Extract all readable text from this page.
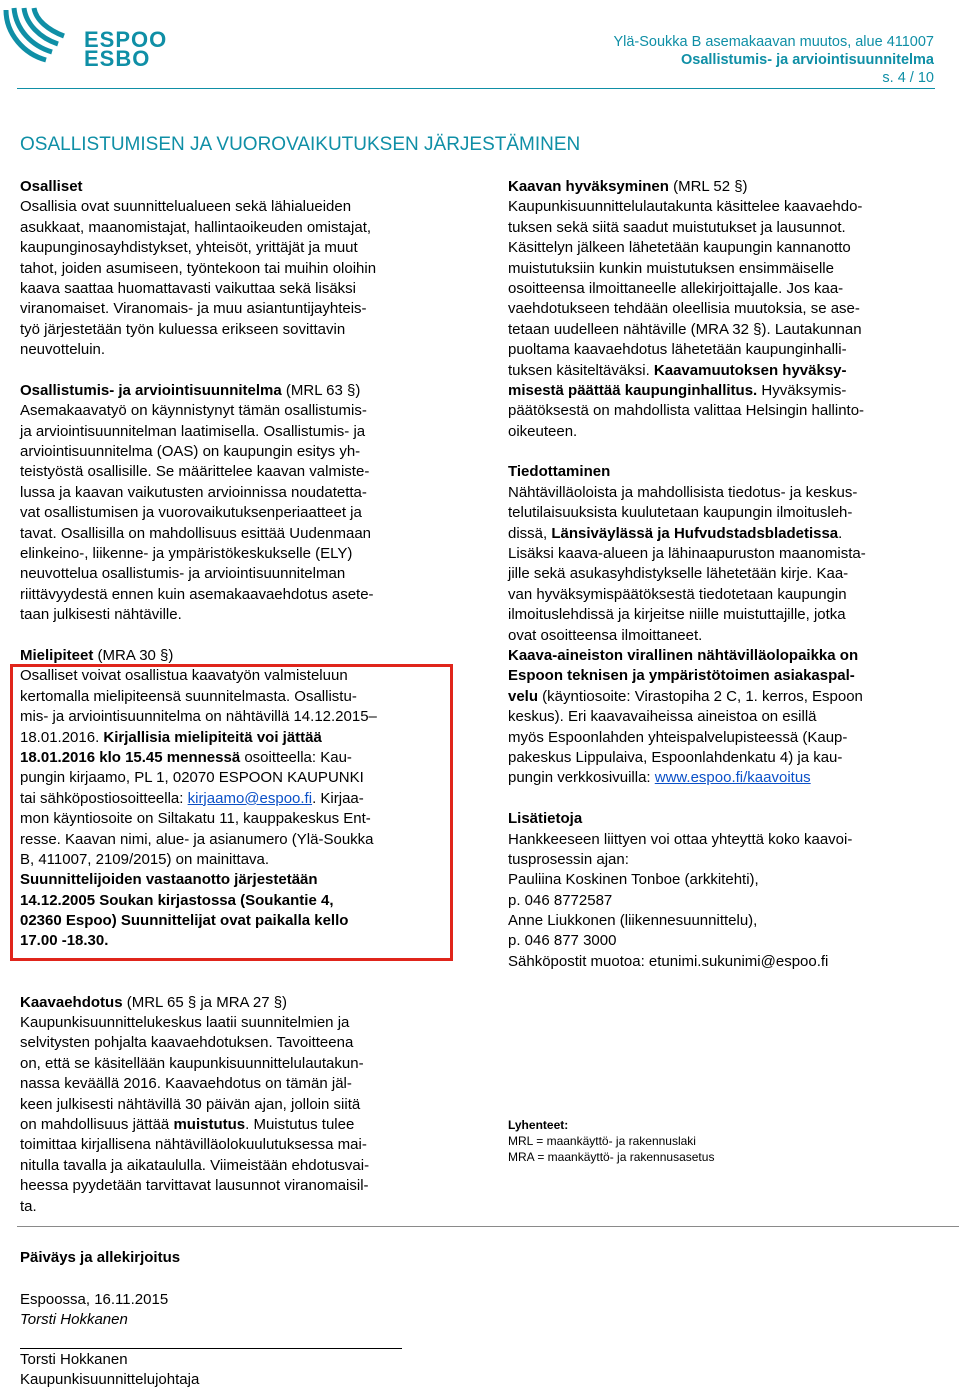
ESPOO
ESBO
Ylä-Soukka B asemakaavan muutos, alue 411007
Osallistumis- ja arviointisuunnitelma
s. 4 / 10
OSALLISTUMISEN JA VUOROVAIKUTUKSEN JÄRJESTÄMINEN
Osalliset
Osallisia ovat suunnittelualueen sekä lähialueiden
asukkaat, maanomistajat, hallintaoikeuden omistajat,
kaupunginosayhdistykset, yhteisöt, yrittäjät ja muut
tahot, joiden asumiseen, työntekoon tai muihin oloihin
kaava saattaa huomattavasti vaikuttaa sekä lisäksi
viranomaiset. Viranomais- ja muu asiantuntijayhteis-
työ järjestetään työn kuluessa erikseen sovittavin
neuvotteluin.
Osallistumis- ja arviointisuunnitelma (MRL 63 §)
Asemakaavatyö on käynnistynyt tämän osallistumis-
ja arviointisuunnitelman laatimisella. Osallistumis- ja
arviointisuunnitelma (OAS) on kaupungin esitys yh-
teistyöstä osallisille. Se määrittelee kaavan valmiste-
lussa ja kaavan vaikutusten arvioinnissa noudatetta-
vat osallistumisen ja vuorovaikutuksenperiaatteet ja
tavat. Osallisilla on mahdollisuus esittää Uudenmaan
elinkeino-, liikenne- ja ympäristökeskukselle (ELY)
neuvottelua osallistumis- ja arviointisuunnitelman
riittävyydestä ennen kuin asemakaavaehdotus asete-
taan julkisesti nähtäville.
Mielipiteet (MRA 30 §)
Osalliset voivat osallistua kaavatyön valmisteluun
kertomalla mielipiteensä suunnitelmasta. Osallistu-
mis- ja arviointisuunnitelma on nähtävillä 14.12.2015–
18.01.2016. Kirjallisia mielipiteitä voi jättää
18.01.2016 klo 15.45 mennessä osoitteella: Kau-
pungin kirjaamo, PL 1, 02070 ESPOON KAUPUNKI
tai sähköpostiosoitteella: kirjaamo@espoo.fi. Kirjaa-
mon käyntiosoite on Siltakatu 11, kauppakeskus Ent-
resse. Kaavan nimi, alue- ja asianumero (Ylä-Soukka
B, 411007, 2109/2015) on mainittava.
Suunnittelijoiden vastaanotto järjestetään
14.12.2005 Soukan kirjastossa (Soukantie 4,
02360 Espoo) Suunnittelijat ovat paikalla kello
17.00 -18.30.
Kaavaehdotus (MRL 65 § ja MRA 27 §)
Kaupunkisuunnittelukeskus laatii suunnitelmien ja
selvitysten pohjalta kaavaehdotuksen. Tavoitteena
on, että se käsitellään kaupunkisuunnittelulautakun-
nassa keväällä 2016. Kaavaehdotus on tämän jäl-
keen julkisesti nähtävillä 30 päivän ajan, jolloin siitä
on mahdollisuus jättää muistutus. Muistutus tulee
toimittaa kirjallisena nähtävilläolokuulutuksessa mai-
nitulla tavalla ja aikataululla. Viimeistään ehdotusvai-
heessa pyydetään tarvittavat lausunnot viranomaisil-
ta.
Kaavan hyväksyminen (MRL 52 §)
Kaupunkisuunnittelulautakunta käsittelee kaavaehdo-
tuksen sekä siitä saadut muistutukset ja lausunnot.
Käsittelyn jälkeen lähetetään kaupungin kannanotto
muistutuksiin kunkin muistutuksen ensimmäiselle
osoitteensa ilmoittaneelle allekirjoittajalle. Jos kaa-
vaehdotukseen tehdään oleellisia muutoksia, se ase-
tetaan uudelleen nähtäville (MRA 32 §). Lautakunnan
puoltama kaavaehdotus lähetetään kaupunginhalli-
tuksen käsiteltäväksi. Kaavamuutoksen hyväksy-
misestä päättää kaupunginhallitus. Hyväksymis-
päätöksestä on mahdollista valittaa Helsingin hallinto-
oikeuteen.
Tiedottaminen
Nähtävilläoloista ja mahdollisista tiedotus- ja keskus-
telutilaisuuksista kuulutetaan kaupungin ilmoitusleh-
dissä, Länsiväylässä ja Hufvudstadsbladetissa.
Lisäksi kaava-alueen ja lähinaapuruston maanomista-
jille sekä asukasyhdistykselle lähetetään kirje. Kaa-
van hyväksymispäätöksestä tiedotetaan kaupungin
ilmoituslehdissä ja kirjeitse niille muistuttajille, jotka
ovat osoitteensa ilmoittaneet.
Kaava-aineiston virallinen nähtävilläolopaikka on
Espoon teknisen ja ympäristötoimen asiakaspal-
velu (käyntiosoite: Virastopiha 2 C, 1. kerros, Espoon
keskus). Eri kaavavaiheissa aineistoa on esillä
myös Espoonlahden yhteispalvelupisteessä (Kaup-
pakeskus Lippulaiva, Espoonlahdenkatu 4) ja kau-
pungin verkkosivuilla: www.espoo.fi/kaavoitus
Lisätietoja
Hankkeeseen liittyen voi ottaa yhteyttä koko kaavoi-
tusprosessin ajan:
Pauliina Koskinen Tonboe (arkkitehti),
p. 046 8772587
Anne Liukkonen (liikennesuunnittelu),
p. 046 877 3000
Sähköpostit muotoa: etunimi.sukunimi@espoo.fi
Lyhenteet:
MRL = maankäyttö- ja rakennuslaki
MRA = maankäyttö- ja rakennusasetus
Päiväys ja allekirjoitus
Espoossa, 16.11.2015
Torsti Hokkanen
Torsti Hokkanen
Kaupunkisuunnittelujohtaja
